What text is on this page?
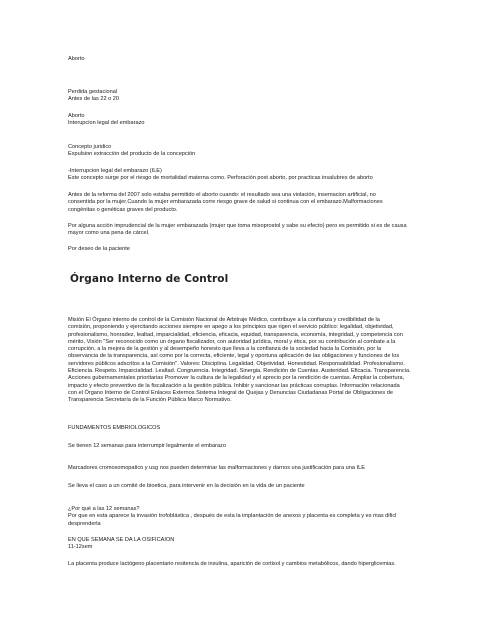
Aborto

Perdida gestacional
Antes de las 22 o 20

Aborto
Interupcion legal del embarazo

Concepto juridico
Expulsion extracción del producto de la concepción

-Interrupcion legal del embarazo (ILE)
Este concepto surge por el riesgo de mortalidad materna como. Perforación post aborto, por practicas insalubres de aborto

Antes de la reforma del 2007 solo estaba permitido el aborto cuando: el resultado sea una violación, insemacion artificial, no
consentida por la mujer.Cuando la mujer embarazada corre riesgo grave de salud si continua con el embarazo.Malformaciones
congénitas o genéticas graves del producto.

Por alguna acción imprudencial de la mujer embarazada (mujer que toma misoprostol y sabe su efecto) pero es permitido si es de causa
mayor como una pena de cárcel.

Por deseo de la paciente

Órgano Interno de Control

Misión El Órgano interno de control de la Comisión Nacional de Arbitraje Médico, contribuye a la confianza y credibilidad de la
comisión, proponiendo y ejercitando acciones siempre en apego a los principios que rigen el servicio público: legalidad, objetividad,
profesionalismo, honradez, lealtad, imparcialidad, eficiencia, eficacia, equidad, transparencia, economía, integridad, y competencia con
mérito. Visión "Ser reconocido como un órgano fiscalizador, con autoridad jurídica, moral y ética, por su contribución al combate a la
corrupción, a la mejora de la gestión y al desempeño honesto que lleva a la confianza de la sociedad hacia la Comisión, por la
observancia de la transparencia, así como por la correcta, eficiente, legal y oportuna aplicación de las obligaciones y funciones de los
servidores públicos adscritos a la Comisión". Valores: Disciplina. Legalidad. Objetividad. Honestidad. Responsabilidad. Profesionalismo.
Eficiencia. Respeto. Imparcialidad. Lealtad. Congruencia. Integridad. Sinergia. Rendición de Cuentas. Austeridad. Eficacia. Transparencia.
Acciones gubernamentales prioritarias Promover la cultura de la legalidad y el aprecio por la rendición de cuentas. Ampliar la cobertura,
impacto y efecto preventivo de la fiscalización a la gestión pública. Inhibir y sancionar las prácticas corruptas. Información relacionada
con el Órgano Interno de Control Enlaces Externos Sistema Integral de Quejas y Denuncias Ciudadanas Portal de Obligaciones de
Transparencia Secretaría de la Función Pública Marco Normativo.

FUNDAMENTOS EMBRIOLOGICOS

Se tienen 12 semanas para interrumpir legalmente el embarazo

Marcadores cromosomopatico y usg nos pueden determinar las malformaciones y darnos una justificación para una ILE

Se lleva el caso a un comité de bioetica, para intervenir en la decisión en la vida de un paciente

¿Por qué a las 12 semanas?
Por que en esta aparece la invasión trofoblástica , después de esta la implantación de anexos y placenta es completa y es mas dificl
desprenderla

EN QUE SEMANA SE DA LA OSIFICAION
11-12sem

La placenta produce lactógeno placentario resitencia de insulina, aparición de cortisol y cambios metabólicos, dando hiperglicemias.
